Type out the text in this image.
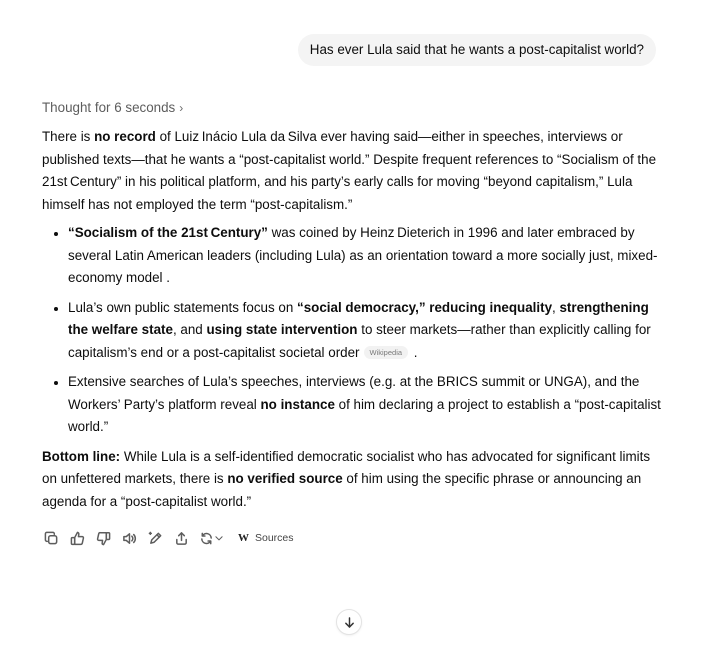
Has ever Lula said that he wants a post-capitalist world?
Thought for 6 seconds ›

There is no record of Luiz Inácio Lula da Silva ever having said—either in speeches, interviews or published texts—that he wants a “post-capitalist world.” Despite frequent references to “Socialism of the 21st Century” in his political platform, and his party’s early calls for moving “beyond capitalism,” Lula himself has not employed the term “post-capitalism.”

• “Socialism of the 21st Century” was coined by Heinz Dieterich in 1996 and later embraced by several Latin American leaders (including Lula) as an orientation toward a more socially just, mixed-economy model .
• Lula’s own public statements focus on “social democracy,” reducing inequality, strengthening the welfare state, and using state intervention to steer markets—rather than explicitly calling for capitalism’s end or a post-capitalist societal order Wikipedia .
• Extensive searches of Lula’s speeches, interviews (e.g. at the BRICS summit or UNGA), and the Workers’ Party’s platform reveal no instance of him declaring a project to establish a “post-capitalist world.”

Bottom line: While Lula is a self-identified democratic socialist who has advocated for significant limits on unfettered markets, there is no verified source of him using the specific phrase or announcing an agenda for a “post-capitalist world.”

W Sources
